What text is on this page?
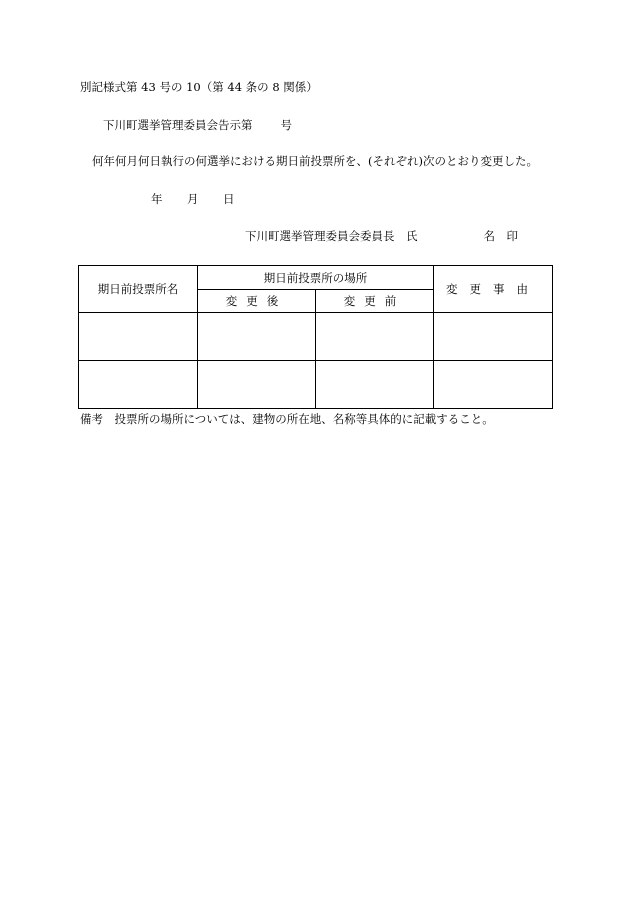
別記様式第 43 号の 10（第 44 条の 8 関係）
下川町選挙管理委員会告示第 号
何年何月何日執行の何選挙における期日前投票所を、(それぞれ)次のとおり変更した。
年 月 日
下川町選挙管理委員会委員長　氏	名　印
期日前投票所名	期日前投票所の場所		変更事由
	変更後	変更前	

備考　投票所の場所については、建物の所在地、名称等具体的に記載すること。
